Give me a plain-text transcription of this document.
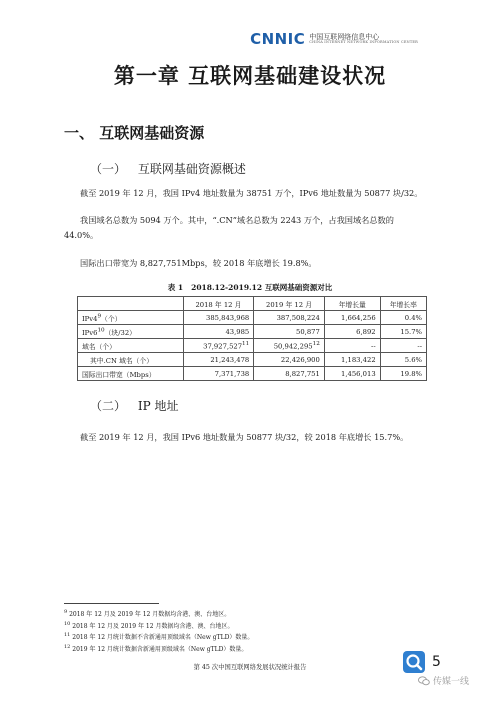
CNNIC 中国互联网络信息中心
CHINA INTERNET NETWORK INFORMATION CENTER
第一章 互联网基础建设状况
一、 互联网基础资源
（一） 互联网基础资源概述
截至 2019 年 12 月，我国 IPv4 地址数量为 38751 万个，IPv6 地址数量为 50877 块/32。
我国域名总数为 5094 万个。其中，“.CN”域名总数为 2243 万个，占我国域名总数的
44.0%。
国际出口带宽为 8,827,751Mbps，较 2018 年底增长 19.8%。
表 1 2018.12-2019.12 互联网基础资源对比
	2018 年 12 月	2019 年 12 月	年增长量	年增长率
$IPv4^9$（个）	385,843,968	387,508,224	1,664,256	0.4%
$IPv6^{10}$（块/32）	43,985	50,877	6,892	15.7%
域名（个）	37,927,527$^{11}$	50,942,295$^{12}$	--	--
其中.CN 域名（个）	21,243,478	22,426,900	1,183,422	5.6%
国际出口带宽（Mbps）	7,371,738	8,827,751	1,456,013	19.8%
（二） IP 地址
截至 2019 年 12 月，我国 IPv6 地址数量为 50877 块/32，较 2018 年底增长 15.7%。
$^9$ 2018 年 12 月及 2019 年 12 月数据均含港、澳、台地区。
$^{10}$ 2018 年 12 月及 2019 年 12 月数据均含港、澳、台地区。
$^{11}$ 2018 年 12 月统计数据不含新通用顶级域名（New gTLD）数量。
$^{12}$ 2019 年 12 月统计数据含新通用顶级域名（New gTLD）数量。
第 45 次中国互联网络发展状况统计报告	5
传媒一线
